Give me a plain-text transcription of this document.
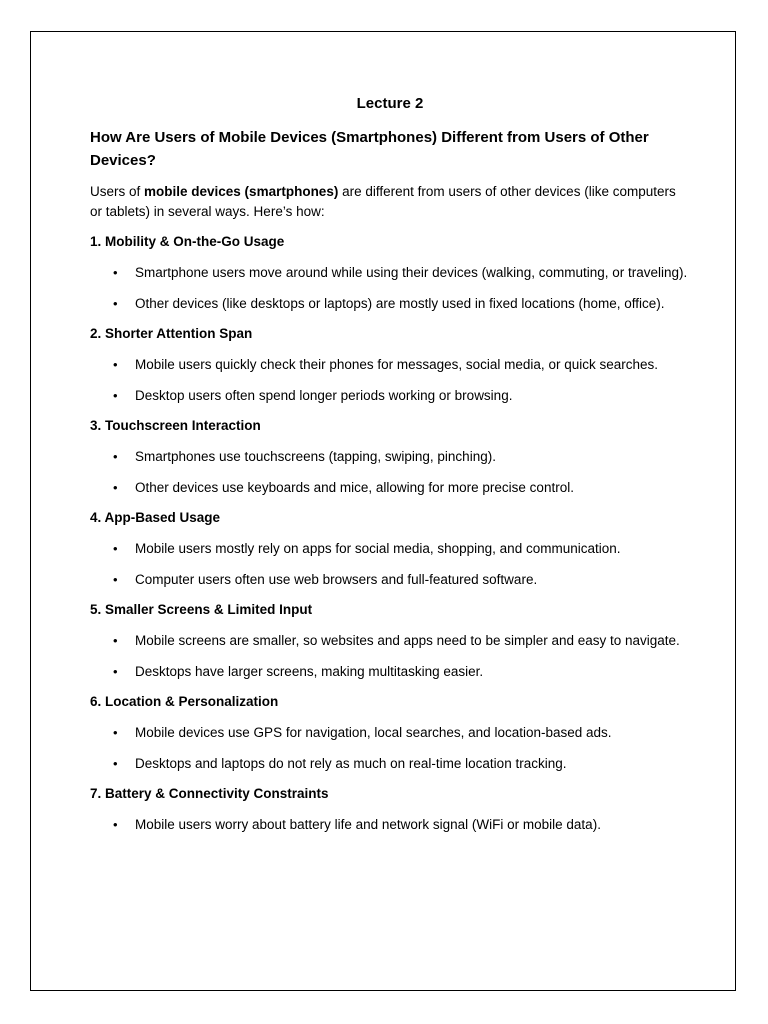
Lecture 2

How Are Users of Mobile Devices (Smartphones) Different from Users of Other Devices?

Users of mobile devices (smartphones) are different from users of other devices (like computers or tablets) in several ways. Here’s how:

1. Mobility & On-the-Go Usage

• Smartphone users move around while using their devices (walking, commuting, or traveling).
• Other devices (like desktops or laptops) are mostly used in fixed locations (home, office).

2. Shorter Attention Span

• Mobile users quickly check their phones for messages, social media, or quick searches.
• Desktop users often spend longer periods working or browsing.

3. Touchscreen Interaction

• Smartphones use touchscreens (tapping, swiping, pinching).
• Other devices use keyboards and mice, allowing for more precise control.

4. App-Based Usage

• Mobile users mostly rely on apps for social media, shopping, and communication.
• Computer users often use web browsers and full-featured software.

5. Smaller Screens & Limited Input

• Mobile screens are smaller, so websites and apps need to be simpler and easy to navigate.
• Desktops have larger screens, making multitasking easier.

6. Location & Personalization

• Mobile devices use GPS for navigation, local searches, and location-based ads.
• Desktops and laptops do not rely as much on real-time location tracking.

7. Battery & Connectivity Constraints

• Mobile users worry about battery life and network signal (WiFi or mobile data).
